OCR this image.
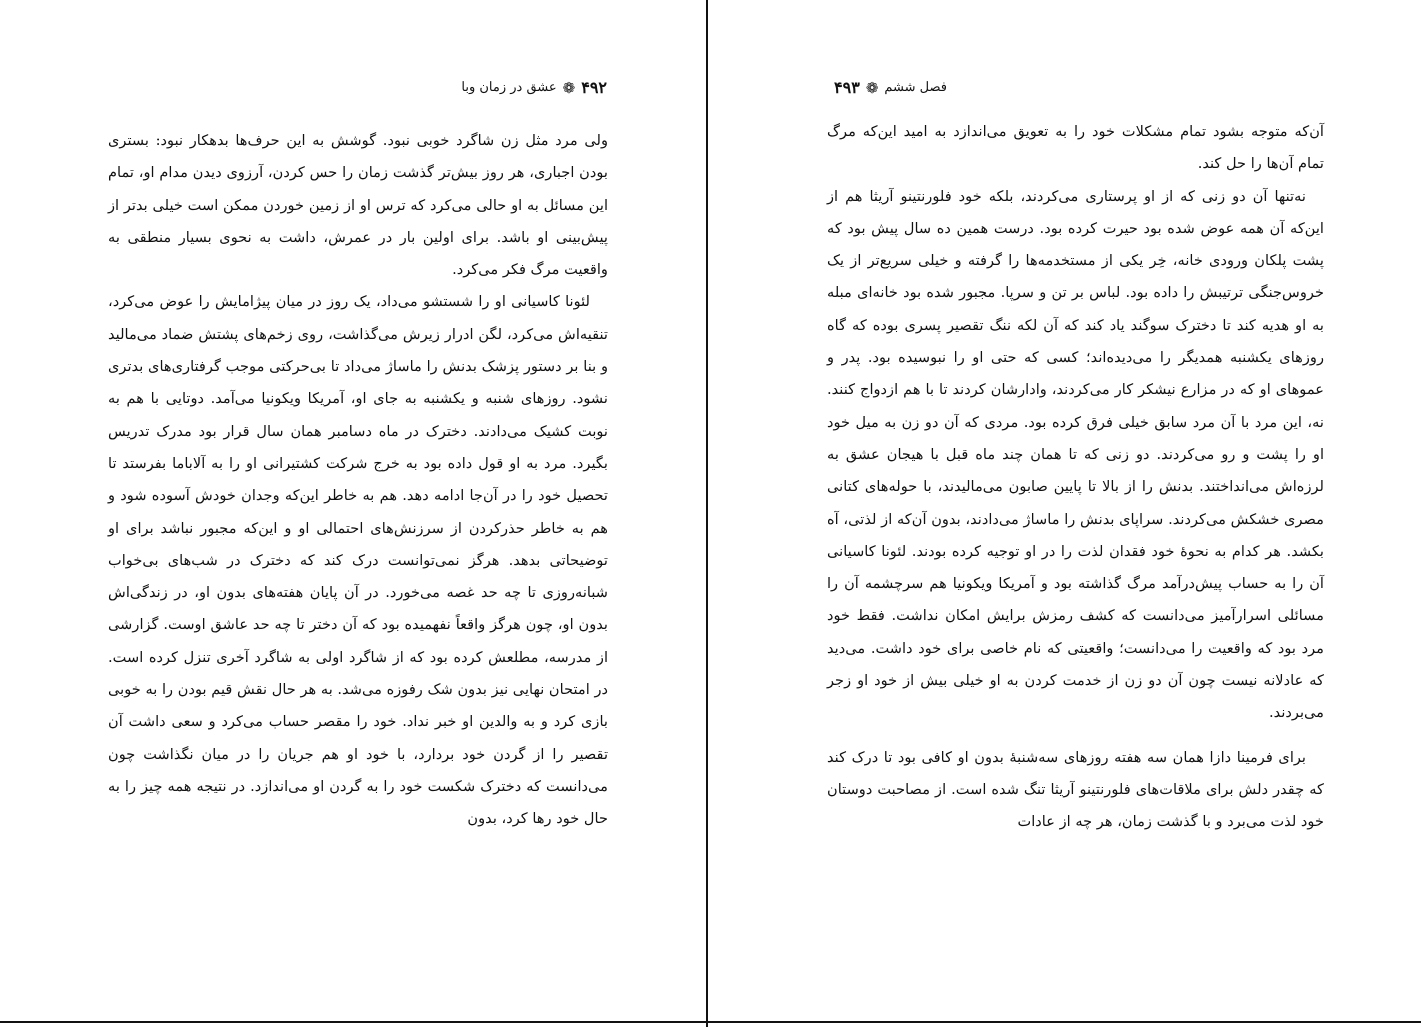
۴۹۲
❁
عشق در زمان وبا

ولی مرد مثل زن شاگرد خوبی نبود. گوشش به این حرف‌ها بدهکار نبود: بستری بودن اجباری، هر روز بیش‌تر گذشت زمان را حس کردن، آرزوی دیدن مدام او، تمام این مسائل به او حالی می‌کرد که ترس او از زمین خوردن ممکن است خیلی بدتر از پیش‌بینی او باشد. برای اولین بار در عمرش، داشت به نحوی بسیار منطقی به واقعیت مرگ فکر می‌کرد.

لئونا کاسیانی او را شستشو می‌داد، یک روز در میان پیژامایش را عوض می‌کرد، تنقیه‌اش می‌کرد، لگن ادرار زیرش می‌گذاشت، روی زخم‌های پشتش ضماد می‌مالید و بنا بر دستور پزشک بدنش را ماساژ می‌داد تا بی‌حرکتی موجب گرفتاری‌های بدتری نشود. روزهای شنبه و یکشنبه به جای او، آمریکا ویکونیا می‌آمد. دوتایی با هم به نوبت کشیک می‌دادند. دخترک در ماه دسامبر همان سال قرار بود مدرک تدریس بگیرد. مرد به او قول داده بود به خرج شرکت کشتیرانی او را به آلاباما بفرستد تا تحصیل خود را در آن‌جا ادامه دهد. هم به خاطر این‌که وجدان خودش آسوده شود و هم به خاطر حذرکردن از سرزنش‌های احتمالی او و این‌که مجبور نباشد برای او توضیحاتی بدهد. هرگز نمی‌توانست درک کند که دخترک در شب‌های بی‌خواب شبانه‌روزی تا چه حد غصه می‌خورد. در آن پایان هفته‌های بدون او، در زندگی‌اش بدون او، چون هرگز واقعاً نفهمیده بود که آن دختر تا چه حد عاشق اوست. گزارشی از مدرسه، مطلعش کرده بود که از شاگرد اولی به شاگرد آخری تنزل کرده است. در امتحان نهایی نیز بدون شک رفوزه می‌شد. به هر حال نقش قیم بودن را به خوبی بازی کرد و به والدین او خبر نداد. خود را مقصر حساب می‌کرد و سعی داشت آن تقصیر را از گردن خود بردارد، با خود او هم جریان را در میان نگذاشت چون می‌دانست که دخترک شکست خود را به گردن او می‌اندازد. در نتیجه همه چیز را به حال خود رها کرد، بدون

فصل ششم
❁
۴۹۳

آن‌که متوجه بشود تمام مشکلات خود را به تعویق می‌اندازد به امید این‌که مرگ تمام آن‌ها را حل کند.

نه‌تنها آن دو زنی که از او پرستاری می‌کردند، بلکه خود فلورنتینو آریثا هم از این‌که آن همه عوض شده بود حیرت کرده بود. درست همین ده سال پیش بود که پشت پلکان ورودی خانه، خِر یکی از مستخدمه‌ها را گرفته و خیلی سریع‌تر از یک خروس‌جنگی ترتیبش را داده بود. لباس بر تن و سرپا. مجبور شده بود خانه‌ای مبله به او هدیه کند تا دخترک سوگند یاد کند که آن لکه ننگ تقصیر پسری بوده که گاه روزهای یکشنبه همدیگر را می‌دیده‌اند؛ کسی که حتی او را نبوسیده بود. پدر و عموهای او که در مزارع نیشکر کار می‌کردند، وادارشان کردند تا با هم ازدواج کنند. نه، این مرد با آن مرد سابق خیلی فرق کرده بود. مردی که آن دو زن به میل خود او را پشت و رو می‌کردند. دو زنی که تا همان چند ماه قبل با هیجان عشق به لرزه‌اش می‌انداختند. بدنش را از بالا تا پایین صابون می‌مالیدند، با حوله‌های کتانی مصری خشکش می‌کردند. سراپای بدنش را ماساژ می‌دادند، بدون آن‌که از لذتی، آه بکشد. هر کدام به نحوهٔ خود فقدان لذت را در او توجیه کرده بودند. لئونا کاسیانی آن را به حساب پیش‌درآمد مرگ گذاشته بود و آمریکا ویکونیا هم سرچشمه آن را مسائلی اسرارآمیز می‌دانست که کشف رمزش برایش امکان نداشت. فقط خود مرد بود که واقعیت را می‌دانست؛ واقعیتی که نام خاصی برای خود داشت. می‌دید که عادلانه نیست چون آن دو زن از خدمت کردن به او خیلی بیش از خود او زجر می‌بردند.

برای فرمینا دازا همان سه هفته روزهای سه‌شنبهٔ بدون او کافی بود تا درک کند که چقدر دلش برای ملاقات‌های فلورنتینو آریثا تنگ شده است. از مصاحبت دوستان خود لذت می‌برد و با گذشت زمان، هر چه از عادات
